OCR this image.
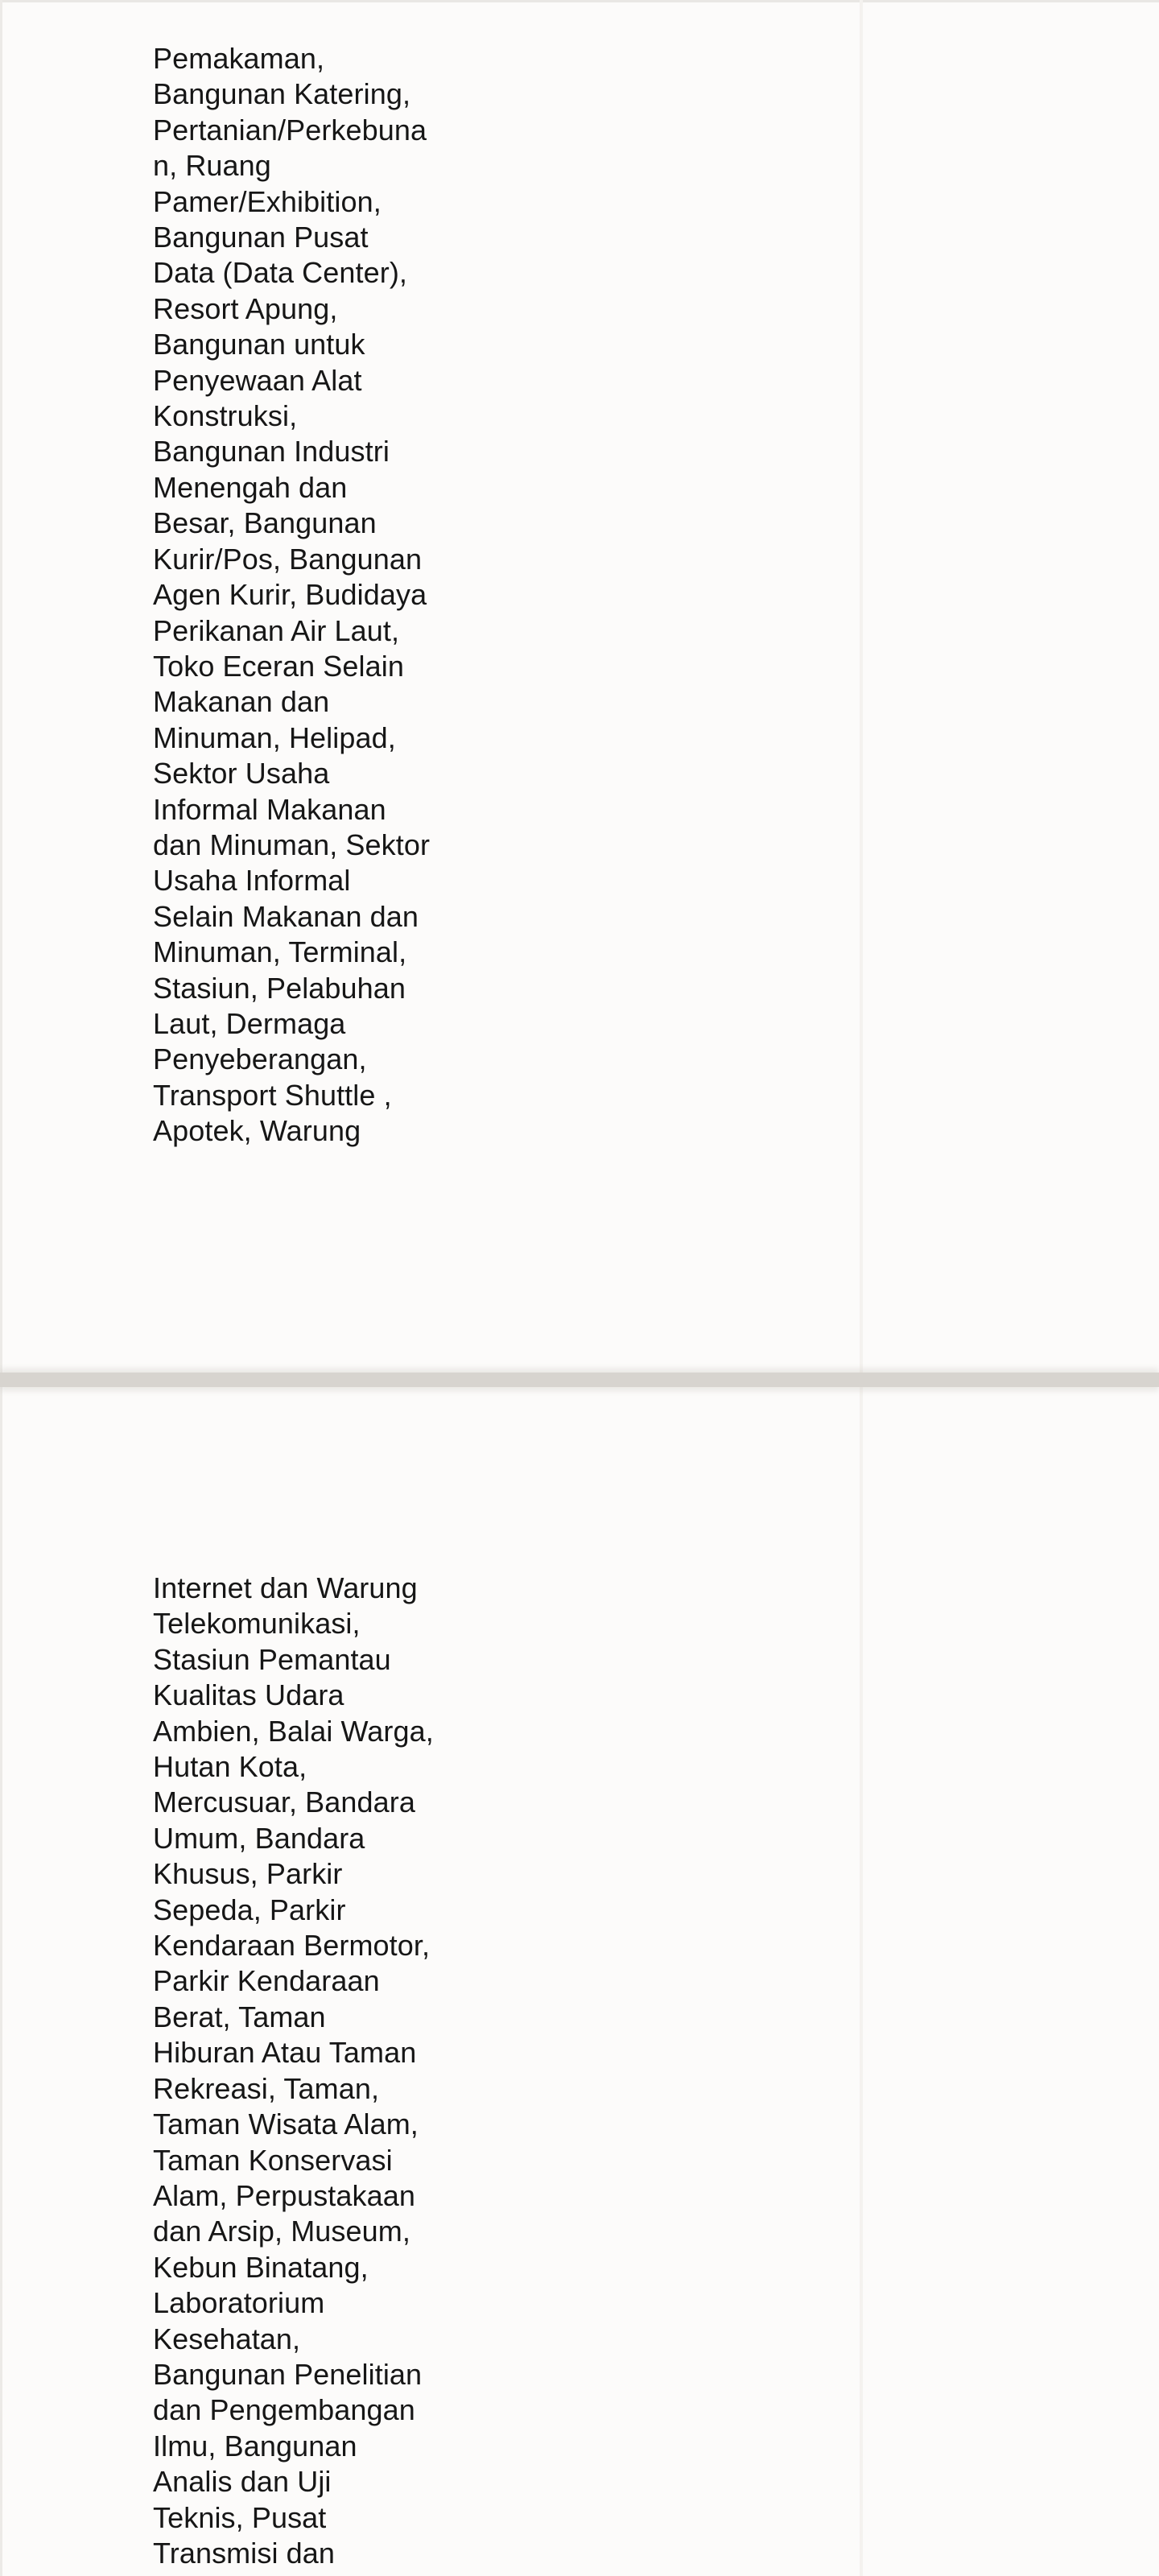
Pemakaman,
Bangunan Katering,
Pertanian/Perkebuna
n, Ruang
Pamer/Exhibition,
Bangunan Pusat
Data (Data Center),
Resort Apung,
Bangunan untuk
Penyewaan Alat
Konstruksi,
Bangunan Industri
Menengah dan
Besar, Bangunan
Kurir/Pos, Bangunan
Agen Kurir, Budidaya
Perikanan Air Laut,
Toko Eceran Selain
Makanan dan
Minuman, Helipad,
Sektor Usaha
Informal Makanan
dan Minuman, Sektor
Usaha Informal
Selain Makanan dan
Minuman, Terminal,
Stasiun, Pelabuhan
Laut, Dermaga
Penyeberangan,
Transport Shuttle ,
Apotek, Warung
Internet dan Warung
Telekomunikasi,
Stasiun Pemantau
Kualitas Udara
Ambien, Balai Warga,
Hutan Kota,
Mercusuar, Bandara
Umum, Bandara
Khusus, Parkir
Sepeda, Parkir
Kendaraan Bermotor,
Parkir Kendaraan
Berat, Taman
Hiburan Atau Taman
Rekreasi, Taman,
Taman Wisata Alam,
Taman Konservasi
Alam, Perpustakaan
dan Arsip, Museum,
Kebun Binatang,
Laboratorium
Kesehatan,
Bangunan Penelitian
dan Pengembangan
Ilmu, Bangunan
Analis dan Uji
Teknis, Pusat
Transmisi dan
